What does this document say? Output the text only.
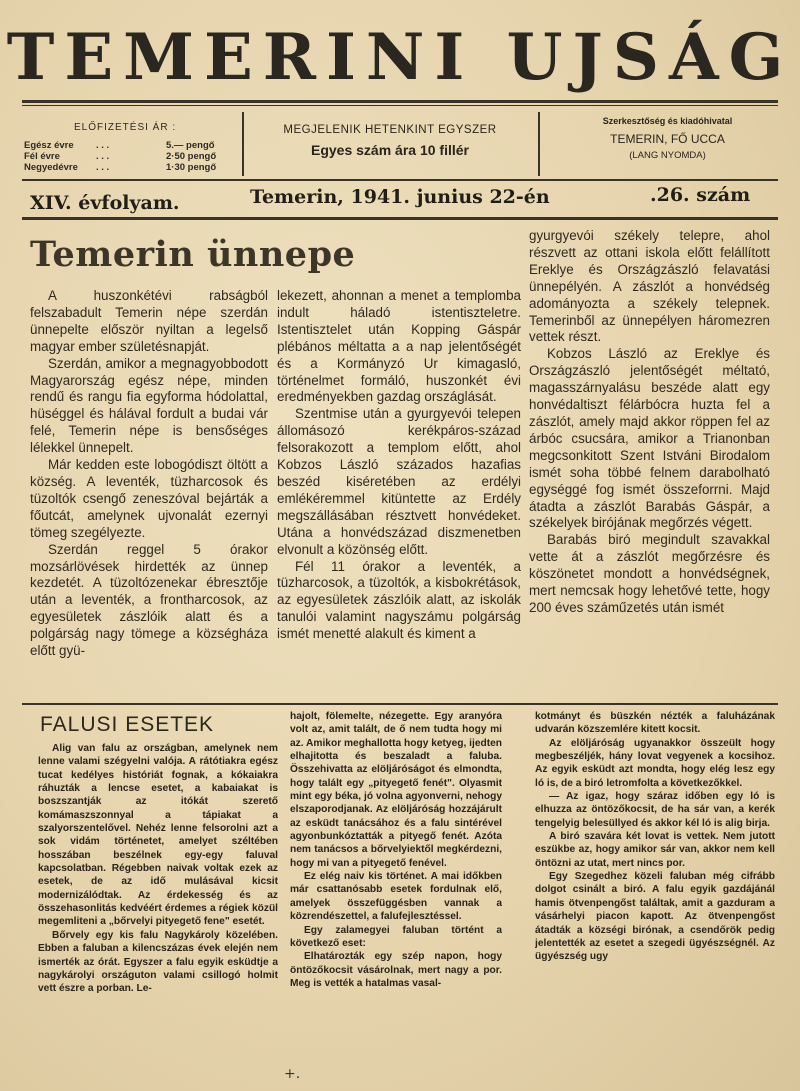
TEMERINI UJSÁG
ELŐFIZETÉSI ÁR :
Egész évre . . .	5.— pengő
Fél évre	. . .	2·50 pengő
Negyedévre . . .	1·30 pengő
MEGJELENIK HETENKINT EGYSZER
Egyes szám ára 10 fillér
Szerkesztőség és kiadóhivatal
TEMERIN, FŐ UCCA
(LANG NYOMDA)
XIV. évfolyam.	Temerin, 1941. junius 22-én	.26. szám
Temerin ünnepe

A huszonkétévi rabságból felszabadult Temerin népe szerdán ünnepelte először nyiltan a legelső magyar ember születésnapját.

Szerdán, amikor a megnagyobbodott Magyarország egész népe, minden rendű és rangu fia egyforma hódolattal, hüséggel és hálával fordult a budai vár felé, Temerin népe is bensőséges lélekkel ünnepelt.

Már kedden este lobogódiszt öltött a község. A leventék, tüzharcosok és tüzoltók csengő zeneszóval bejárták a főutcát, amelynek ujvonalát ezernyi tömeg szegélyezte.

Szerdán reggel 5 órakor mozsárlövések hirdették az ünnep kezdetét. A tüzoltózenekar ébresztője után a leventék, a frontharcosok, az egyesületek zászlóik alatt és a polgárság nagy tömege a községháza előtt gyü-

lekezett, ahonnan a menet a templomba indult háladó istentiszteletre. Istentisztelet után Kopping Gáspár plébános méltatta a a nap jelentőségét és a Kormányzó Ur kimagasló, történelmet formáló, huszonkét évi eredményekben gazdag országlását.

Szentmise után a gyurgyevói telepen állomásozó kerékpáros-század felsorakozott a templom előtt, ahol Kobzos László százados hazafias beszéd kiséretében az erdélyi emlékéremmel kitüntette az Erdély megszállásában résztvett honvédeket. Utána a honvédszázad diszmenetben elvonult a közönség előtt.

Fél 11 órakor a leventék, a tüzharcosok, a tüzoltók, a kisbokrétások, az egyesületek zászlóik alatt, az iskolák tanulói valamint nagyszámu polgárság ismét menetté alakult és kiment a

gyurgyevói székely telepre, ahol részvett az ottani iskola előtt felállított Ereklye és Országzászló felavatási ünnepélyén. A zászlót a honvédség adományozta a székely telepnek. Temerinből az ünnepélyen háromezren vettek részt.

Kobzos László az Ereklye és Országzászló jelentőségét méltató, magasszárnyalásu beszéde alatt egy honvédaltiszt félárbócra huzta fel a zászlót, amely majd akkor röppen fel az árbóc csucsára, amikor a Trianonban megcsonkitott Szent Istváni Birodalom ismét soha többé felnem darabolható egységgé fog ismét összeforrni. Majd átadta a zászlót Barabás Gáspár, a székelyek birójának megőrzés végett.

Barabás biró megindult szavakkal vette át a zászlót megőrzésre és köszönetet mondott a honvédségnek, mert nemcsak hogy lehetővé tette, hogy 200 éves száműzetés után ismét

FALUSI ESETEK

Alig van falu az országban, amelynek nem lenne valami szégyelni valója. A rátótiakra egész tucat kedélyes históriát fognak, a kókaiakra ráhuzták a lencse esetet, a kabaiakat is boszszantják az itókát szerető komámaszszonnyal a tápiakat a szalyorszentelővel. Nehéz lenne felsorolni azt a sok vidám történetet, amelyet széltében hosszában beszélnek egy-egy faluval kapcsolatban. Régebben naivak voltak ezek az esetek, de az idő mulásával kicsit modernizálódtak. Az érdekesség és az összehasonlitás kedvéért érdemes a régiek közül megemliteni a „bőrvelyi pityegető fene" esetét.

Bőrvely egy kis falu Nagykároly közelében. Ebben a faluban a kilencszázas évek elején nem ismerték az órát. Egyszer a falu egyik esküdtje a nagykárolyi országuton valami csillogó holmit vett észre a porban. Le-

hajolt, fölemelte, nézegette. Egy aranyóra volt az, amit talált, de ő nem tudta hogy mi az. Amikor meghallotta hogy ketyeg, ijedten elhajitotta és beszaladt a faluba. Összehivatta az elöljáróságot és elmondta, hogy talált egy „pityegető fenét". Olyasmit mint egy béka, jó volna agyonverni, nehogy elszaporodjanak. Az elöljáróság hozzájárult az esküdt tanácsához és a falu sintérével agyonbunkóztatták a pityegő fenét. Azóta nem tanácsos a bőrvelyiektől megkérdezni, hogy mi van a pityegető fenével.

Ez elég naiv kis történet. A mai időkben már csattanósabb esetek fordulnak elő, amelyek összefüggésben vannak a közrendészettel, a falufejlesztéssel.

Egy zalamegyei faluban történt a következő eset:

Elhatározták egy szép napon, hogy öntözőkocsit vásárolnak, mert nagy a por. Meg is vették a hatalmas vasal-

kotmányt és büszkén nézték a faluházának udvarán közszemlére kitett kocsit.

Az elöljáróság ugyanakkor összeült hogy megbeszéljék, hány lovat vegyenek a kocsihoz. Az egyik esküdt azt mondta, hogy elég lesz egy ló is, de a biró letromfolta a következőkkel.

— Az igaz, hogy száraz időben egy ló is elhuzza az öntözőkocsit, de ha sár van, a kerék tengelyig belesüllyed és akkor kél ló is alig birja.

A biró szavára két lovat is vettek. Nem jutott eszükbe az, hogy amikor sár van, akkor nem kell öntözni az utat, mert nincs por.

Egy Szegedhez közeli faluban még cifrább dolgot csinált a biró. A falu egyik gazdájánál hamis ötvenpengőst találtak, amit a gazduram a vásárhelyi piacon kapott. Az ötvenpengőst átadták a községi birónak, a csendőrök pedig jelentették az esetet a szegedi ügyészségnél. Az ügyészség ugy

+.
